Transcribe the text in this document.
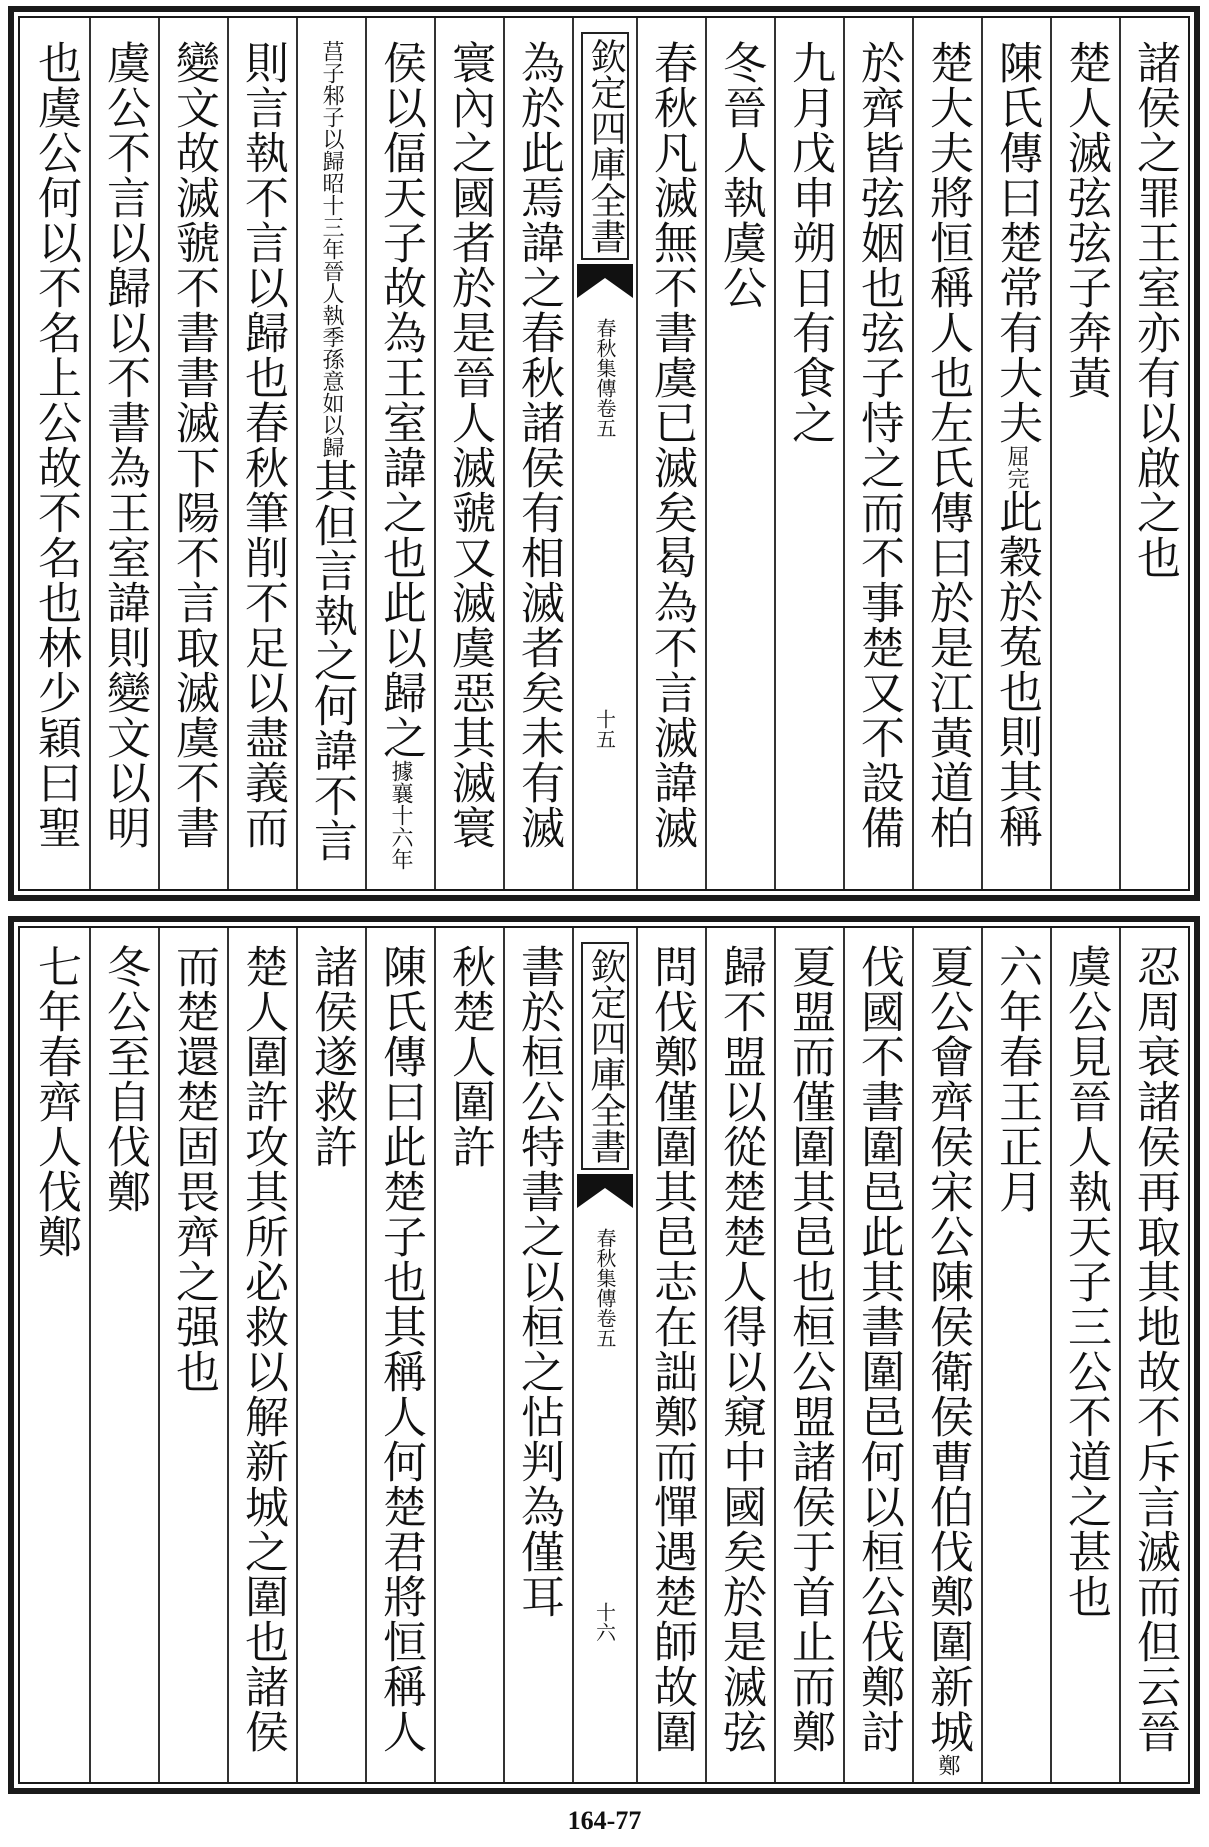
諸侯之罪王室亦有以啟之也
楚人滅弦弦子奔黃
陳氏傳曰楚常有大夫屈完此穀於菟也則其稱
楚大夫將恒稱人也左氏傳曰於是江黃道柏
於齊皆弦姻也弦子恃之而不事楚又不設備
九月戊申朔日有食之
冬晉人執虞公
春秋凡滅無不書虞已滅矣曷為不言滅諱滅
欽定四庫全書
春秋集傳
卷五
十五
為於此焉諱之春秋諸侯有相滅者矣未有滅
寰內之國者於是晉人滅虢又滅虞惡其滅寰
侯以偪天子故為王室諱之也此以歸之據襄十六年
莒子邾子以歸昭十三年晉人執季孫意如以歸其但言執之何諱不言
則言執不言以歸也春秋筆削不足以盡義而
變文故滅虢不書書滅下陽不言取滅虞不書
虞公不言以歸以不書為王室諱則變文以明
也虞公何以不名上公故不名也林少穎曰聖
忍周衰諸侯再取其地故不斥言滅而但云晉
虞公見晉人執天子三公不道之甚也
六年春王正月
夏公會齊侯宋公陳侯衛侯曹伯伐鄭圍新城鄭
伐國不書圍邑此其書圍邑何以桓公伐鄭討
夏盟而僅圍其邑也桓公盟諸侯于首止而鄭
歸不盟以從楚楚人得以窺中國矣於是滅弦
問伐鄭僅圍其邑志在詘鄭而憚遇楚師故圍
欽定四庫全書
春秋集傳
卷五
十六
書於桓公特書之以桓之怗判為僅耳
秋楚人圍許
陳氏傳曰此楚子也其稱人何楚君將恒稱人
諸侯遂救許
楚人圍許攻其所必救以解新城之圍也諸侯
而楚還楚固畏齊之强也
冬公至自伐鄭
七年春齊人伐鄭
164-77
